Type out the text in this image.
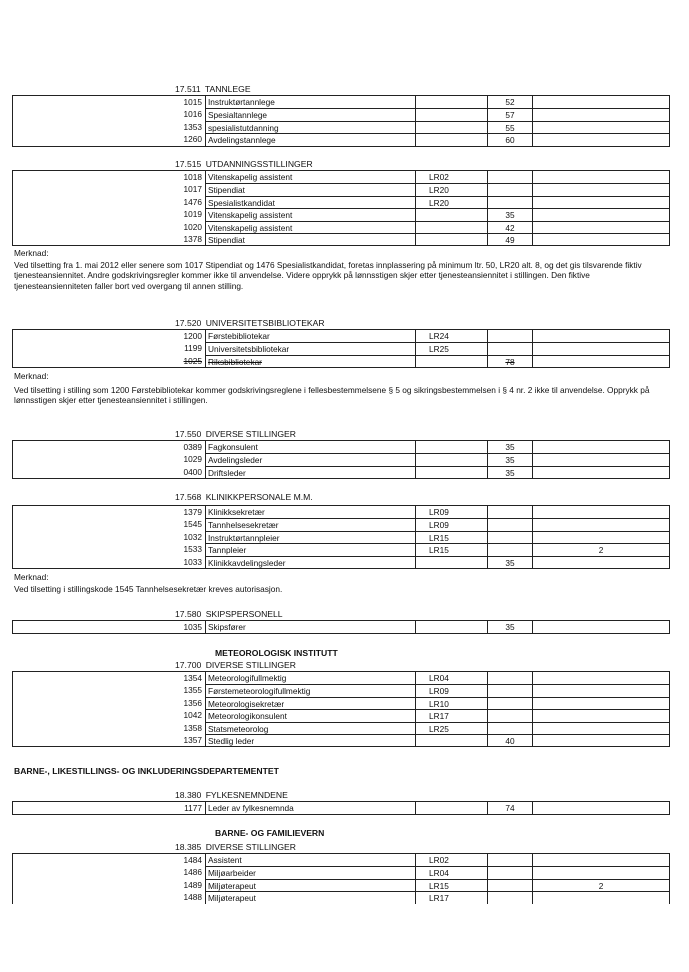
17.511 TANNLEGE
1015 Instruktørtannlege	52
1016 Spesialtannlege	57
1353 spesialistutdanning	55
1260 Avdelingstannlege	60
17.515 UTDANNINGSSTILLINGER
1018 Vitenskapelig assistent	LR02
1017 Stipendiat	LR20
1476 Spesialistkandidat	LR20
1019 Vitenskapelig assistent	35
1020 Vitenskapelig assistent	42
1378 Stipendiat	49
Merknad:
Ved tilsetting fra 1. mai 2012 eller senere som 1017 Stipendiat og 1476 Spesialistkandidat, foretas innplassering på minimum ltr. 50, LR20 alt. 8, og det gis tilsvarende fiktiv tjenesteansiennitet. Andre godskrivingsregler kommer ikke til anvendelse. Videre opprykk på lønnsstigen skjer etter tjenesteansiennitet i stillingen. Den fiktive tjenesteansienniteten faller bort ved overgang til annen stilling.
17.520 UNIVERSITETSBIBLIOTEKAR
1200 Førstebibliotekar	LR24
1199 Universitetsbibliotekar	LR25
1025 Riksbibliotekar	78
Merknad:
Ved tilsetting i stilling som 1200 Førstebibliotekar kommer godskrivingsreglene i fellesbestemmelsene § 5 og sikringsbestemmelsen i § 4 nr. 2 ikke til anvendelse. Opprykk på lønnsstigen skjer etter tjenesteansiennitet i stillingen.
17.550 DIVERSE STILLINGER
0389 Fagkonsulent	35
1029 Avdelingsleder	35
0400 Driftsleder	35
17.568 KLINIKKPERSONALE M.M.
1379 Klinikksekretær	LR09
1545 Tannhelsesekretær	LR09
1032 Instruktørtannpleier	LR15
1533 Tannpleier	LR15	2
1033 Klinikkavdelingsleder	35
Merknad:
Ved tilsetting i stillingskode 1545 Tannhelsesekretær kreves autorisasjon.
17.580 SKIPSPERSONELL
1035 Skipsfører	35
METEOROLOGISK INSTITUTT
17.700 DIVERSE STILLINGER
1354 Meteorologifullmektig	LR04
1355 Førstemeteorologifullmektig	LR09
1356 Meteorologisekretær	LR10
1042 Meteorologikonsulent	LR17
1358 Statsmeteorolog	LR25
1357 Stedlig leder	40
BARNE-, LIKESTILLINGS- OG INKLUDERINGSDEPARTEMENTET
18.380 FYLKESNEMNDENE
1177 Leder av fylkesnemnda	74
BARNE- OG FAMILIEVERN
18.385 DIVERSE STILLINGER
1484 Assistent	LR02
1486 Miljøarbeider	LR04
1489 Miljøterapeut	LR15	2
1488 Miljøterapeut	LR17
